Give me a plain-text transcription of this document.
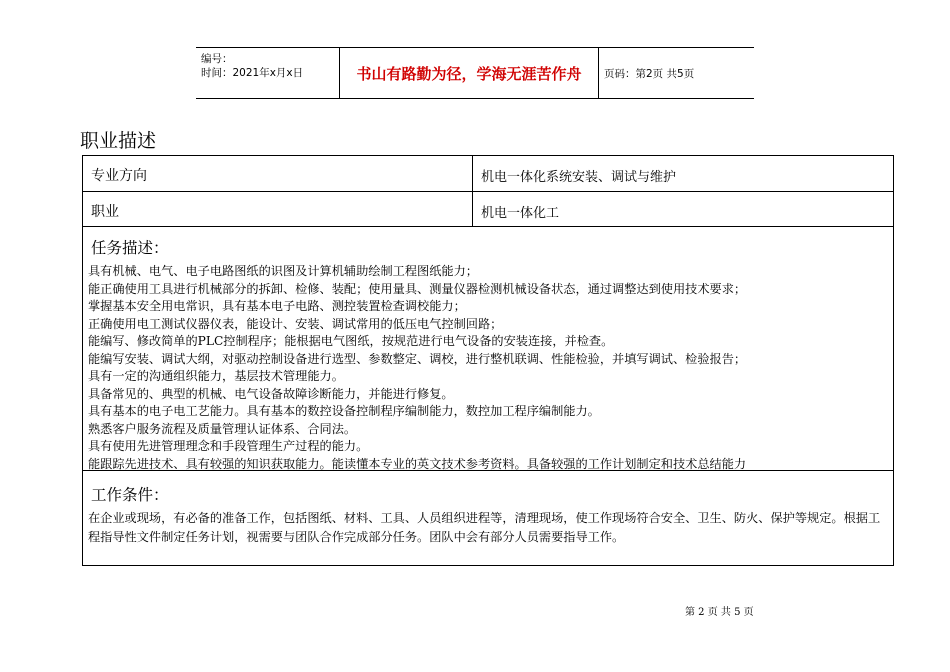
编号：
时间：2021年x月x日	书山有路勤为径，学海无涯苦作舟	页码：第2页 共5页
职业描述
专业方向	机电一体化系统安装、调试与维护
职业	机电一体化工
任务描述：
具有机械、电气、电子电路图纸的识图及计算机辅助绘制工程图纸能力；
能正确使用工具进行机械部分的拆卸、检修、装配；使用量具、测量仪器检测机械设备状态，通过调整达到使用技术要求；
掌握基本安全用电常识，具有基本电子电路、测控装置检查调校能力；
正确使用电工测试仪器仪表，能设计、安装、调试常用的低压电气控制回路；
能编写、修改简单的PLC控制程序；能根据电气图纸，按规范进行电气设备的安装连接，并检查。
能编写安装、调试大纲，对驱动控制设备进行选型、参数整定、调校，进行整机联调、性能检验，并填写调试、检验报告；
具有一定的沟通组织能力，基层技术管理能力。
具备常见的、典型的机械、电气设备故障诊断能力，并能进行修复。
具有基本的电子电工艺能力。具有基本的数控设备控制程序编制能力，数控加工程序编制能力。
熟悉客户服务流程及质量管理认证体系、合同法。
具有使用先进管理理念和手段管理生产过程的能力。
能跟踪先进技术、具有较强的知识获取能力。能读懂本专业的英文技术参考资料。具备较强的工作计划制定和技术总结能力
工作条件：
在企业或现场，有必备的准备工作，包括图纸、材料、工具、人员组织进程等，清理现场，使工作现场符合安全、卫生、防火、保护等规定。根据工程指导性文件制定任务计划，视需要与团队合作完成部分任务。团队中会有部分人员需要指导工作。
第 2 页 共 5 页
